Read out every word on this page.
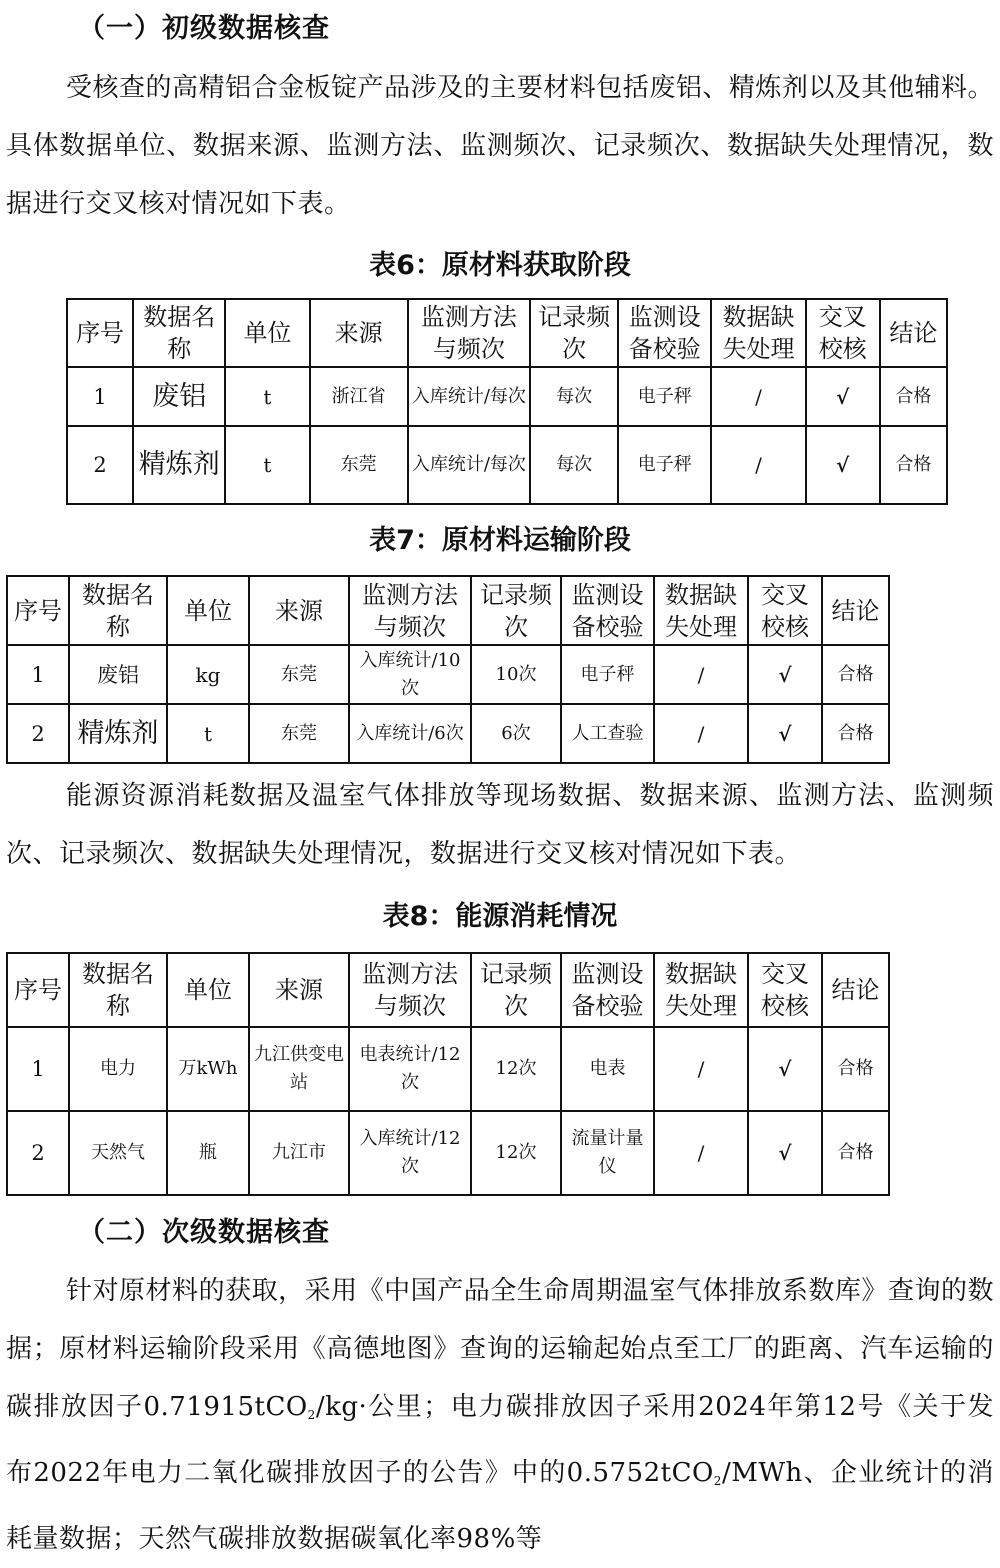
（一）初级数据核查

受核查的高精铝合金板锭产品涉及的主要材料包括废铝、精炼剂以及其他辅料。具体数据单位、数据来源、监测方法、监测频次、记录频次、数据缺失处理情况，数据进行交叉核对情况如下表。

表6：原材料获取阶段
序号	数据名称	单位	来源	监测方法与频次	记录频次	监测设备校验	数据缺失处理	交叉校核	结论
1	废铝	t	浙江省	入库统计/每次	每次	电子秤	/	√	合格
2	精炼剂	t	东莞	入库统计/每次	每次	电子秤	/	√	合格
表7：原材料运输阶段
序号	数据名称	单位	来源	监测方法与频次	记录频次	监测设备校验	数据缺失处理	交叉校核	结论
1	废铝	kg	东莞	入库统计/10次	10次	电子秤	/	√	合格
2	精炼剂	t	东莞	入库统计/6次	6次	人工查验	/	√	合格

能源资源消耗数据及温室气体排放等现场数据、数据来源、监测方法、监测频次、记录频次、数据缺失处理情况，数据进行交叉核对情况如下表。

表8：能源消耗情况
序号	数据名称	单位	来源	监测方法与频次	记录频次	监测设备校验	数据缺失处理	交叉校核	结论
1	电力	万kWh	九江供变电站	电表统计/12次	12次	电表	/	√	合格
2	天然气	瓶	九江市	入库统计/12次	12次	流量计量仪	/	√	合格
（二）次级数据核查

针对原材料的获取，采用《中国产品全生命周期温室气体排放系数库》查询的数据；原材料运输阶段采用《高德地图》查询的运输起始点至工厂的距离、汽车运输的碳排放因子0.71915tCO$_2$/kg·公里；电力碳排放因子采用2024年第12号《关于发布2022年电力二氧化碳排放因子的公告》中的0.5752tCO$_2$/MWh、企业统计的消耗量数据；天然气碳排放数据碳氧化率98%等
